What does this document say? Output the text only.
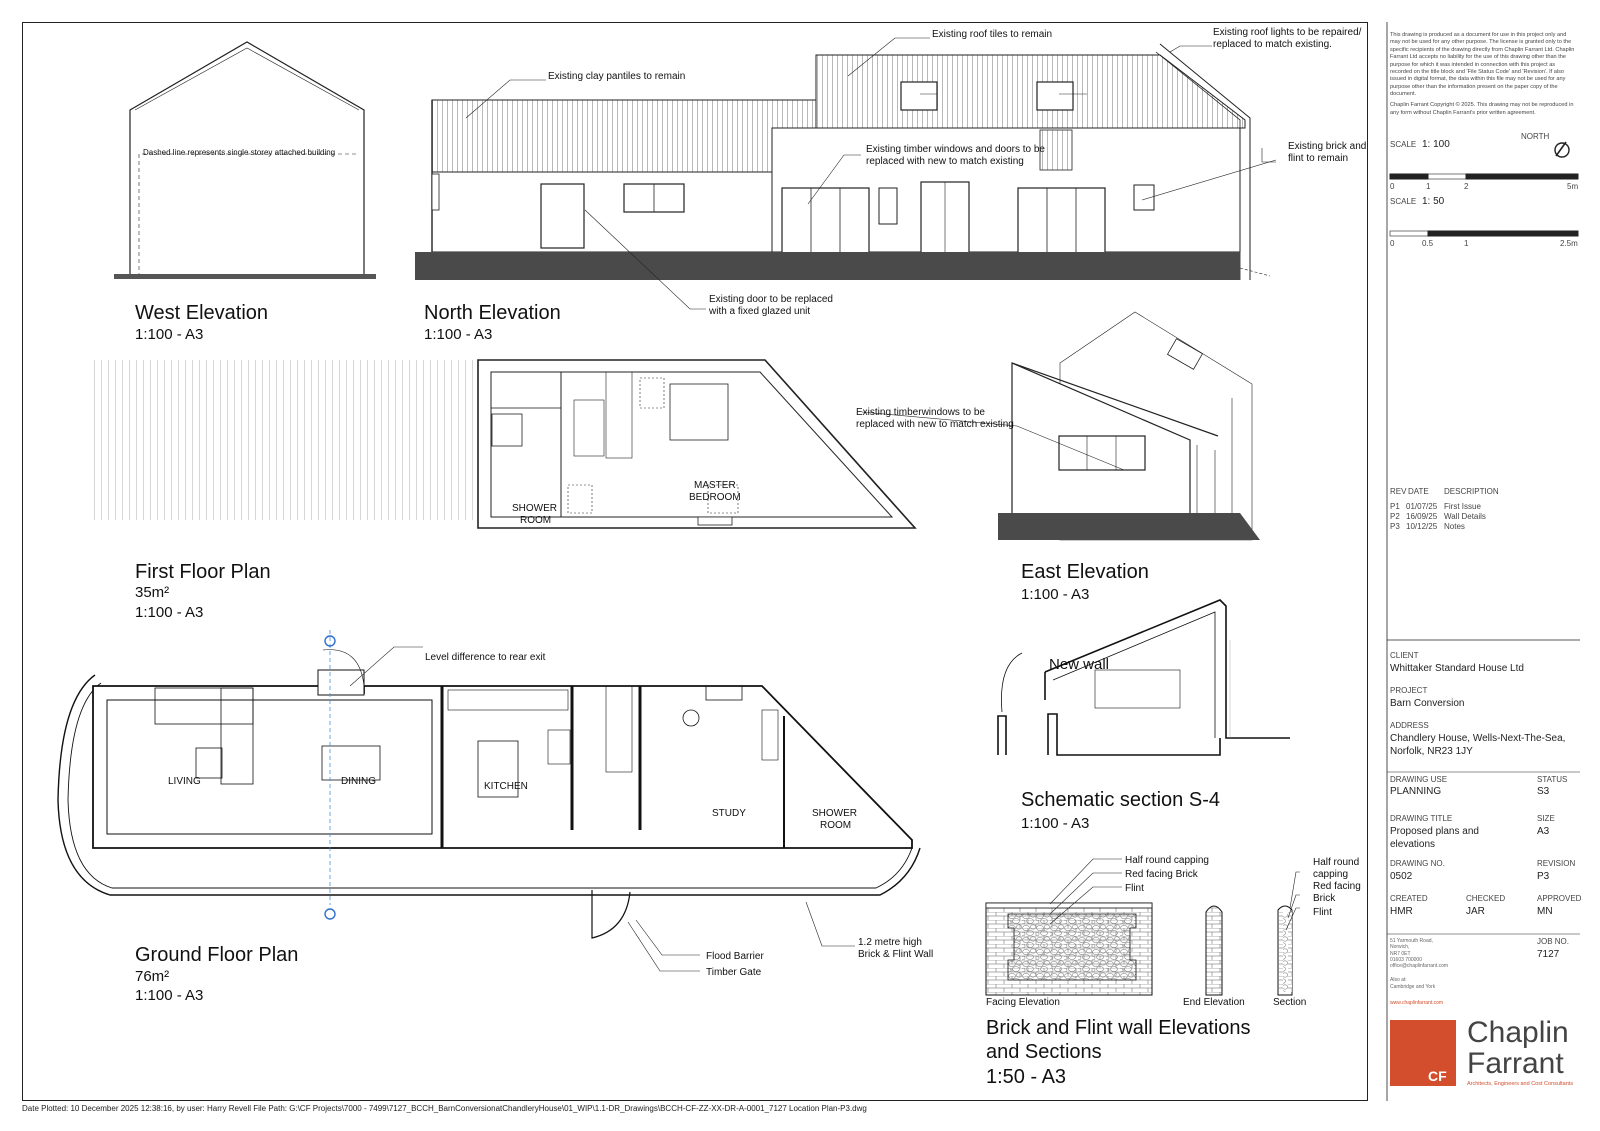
West Elevation
1:100 - A3
Dashed line represents single storey attached building
North Elevation
1:100 - A3
Existing clay pantiles to remain
Existing roof tiles to remain	Existing roof lights to be repaired/
replaced to match existing.
Existing timber windows and doors to be
replaced with new to match existing
Existing brick and
flint to remain
Existing door to be replaced
with a fixed glazed unit
First Floor Plan
35m²
1:100 - A3
SHOWER
ROOM
MASTER
BEDROOM
East Elevation
1:100 - A3
Existing timberwindows to be
replaced with new to match existing
Ground Floor Plan
76m²
1:100 - A3
LIVING	DINING	KITCHEN
STUDY	SHOWER
ROOM
Level difference to rear exit
Flood Barrier
Timber Gate
1.2 metre high
Brick & Flint Wall
Schematic section S-4
1:100 - A3
New wall
Brick and Flint wall Elevations
and Sections
1:50 - A3
Half round capping
Red facing Brick
Flint
Half round
capping
Red facing
Brick
Flint
Facing Elevation	End Elevation	Section
This drawing is produced as a document for use in this project only and may not be used for any other purpose. The license is granted only to the specific recipients of the drawing directly from Chaplin Farrant Ltd. Chaplin Farrant Ltd accepts no liability for the use of this drawing other than the purpose for which it was intended in connection with this project as recorded on the title block and 'File Status Code' and 'Revision'. If also issued in digital format, the data within this file may not be used for any purpose other than the information present on the paper copy of the document.
Chaplin Farrant Copyright © 2025. This drawing may not be reproduced in any form without Chaplin Farrant's prior written agreement.
SCALE 1: 100
NORTH
0	1	2	5m
SCALE 1: 50
0	0.5	1	2.5m
REV DATE DESCRIPTION
P1 01/07/25 First Issue
P2 16/09/25 Wall Details
P3 10/12/25 Notes
CLIENT
Whittaker Standard House Ltd
PROJECT
Barn Conversion
ADDRESS
Chandlery House, Wells-Next-The-Sea,
Norfolk, NR23 1JY
DRAWING USE
PLANNING
STATUS
S3
DRAWING TITLE
Proposed plans and
elevations
SIZE
A3
DRAWING NO.
0502
REVISION
P3
CREATED
HMR
CHECKED
JAR
APPROVED
MN
51 Yarmouth Road,
Norwich,
NR7 0ET
01603 700000
office@chaplinfarrant.com
Also at:
Cambridge and York
www.chaplinfarrant.com
JOB NO.
7127
CF
Chaplin
Farrant
Architects, Engineers and Cost Consultants
Date Plotted: 10 December 2025 12:38:16, by user: Harry Revell File Path: G:\CF Projects\7000 - 7499\7127_BCCH_BarnConversionatChandleryHouse\01_WIP\1.1-DR_Drawings\BCCH-CF-ZZ-XX-DR-A-0001_7127 Location Plan-P3.dwg
